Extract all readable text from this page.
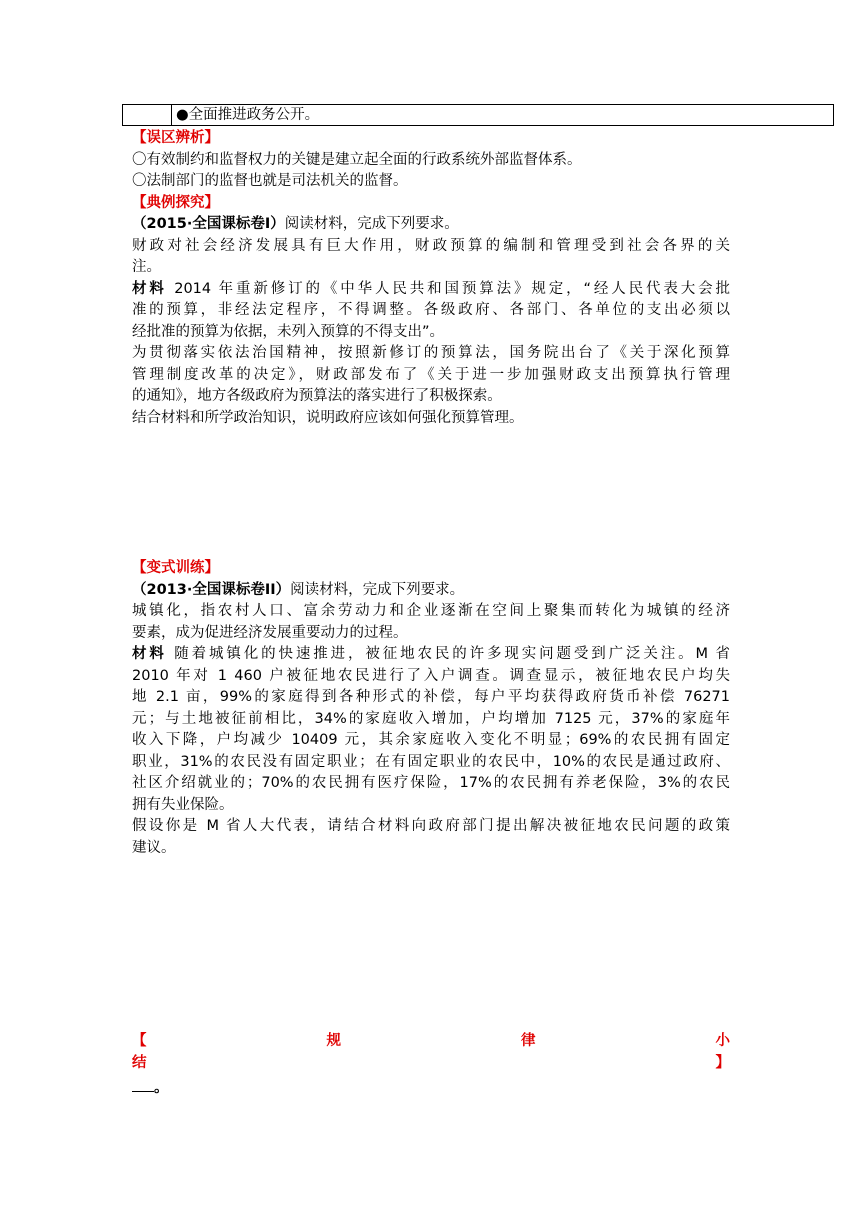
●全面推进政务公开。
【误区辨析】
〇有效制约和监督权力的关键是建立起全面的行政系统外部监督体系。
〇法制部门的监督也就是司法机关的监督。
【典例探究】
（2015·全国课标卷Ⅰ）阅读材料，完成下列要求。
财政对社会经济发展具有巨大作用，财政预算的编制和管理受到社会各界的关
注。
材料 2014 年重新修订的《中华人民共和国预算法》规定，“经人民代表大会批
准的预算，非经法定程序，不得调整。各级政府、各部门、各单位的支出必须以
经批准的预算为依据，未列入预算的不得支出”。
为贯彻落实依法治国精神，按照新修订的预算法，国务院出台了《关于深化预算
管理制度改革的决定》，财政部发布了《关于进一步加强财政支出预算执行管理
的通知》，地方各级政府为预算法的落实进行了积极探索。
结合材料和所学政治知识，说明政府应该如何强化预算管理。
【变式训练】
（2013·全国课标卷II）阅读材料，完成下列要求。
城镇化，指农村人口、富余劳动力和企业逐渐在空间上聚集而转化为城镇的经济
要素，成为促进经济发展重要动力的过程。
材料 随着城镇化的快速推进，被征地农民的许多现实问题受到广泛关注。M 省
2010 年对 1 460 户被征地农民进行了入户调查。调查显示，被征地农民户均失
地 2.1 亩，99%的家庭得到各种形式的补偿，每户平均获得政府货币补偿 76271
元；与土地被征前相比，34%的家庭收入增加，户均增加 7125 元，37%的家庭年
收入下降，户均减少 10409 元，其余家庭收入变化不明显；69%的农民拥有固定
职业，31%的农民没有固定职业；在有固定职业的农民中，10%的农民是通过政府、
社区介绍就业的；70%的农民拥有医疗保险，17%的农民拥有养老保险，3%的农民
拥有失业保险。
假设你是 M 省人大代表，请结合材料向政府部门提出解决被征地农民问题的政策
建议。
【	规	律	小
结	】
。
